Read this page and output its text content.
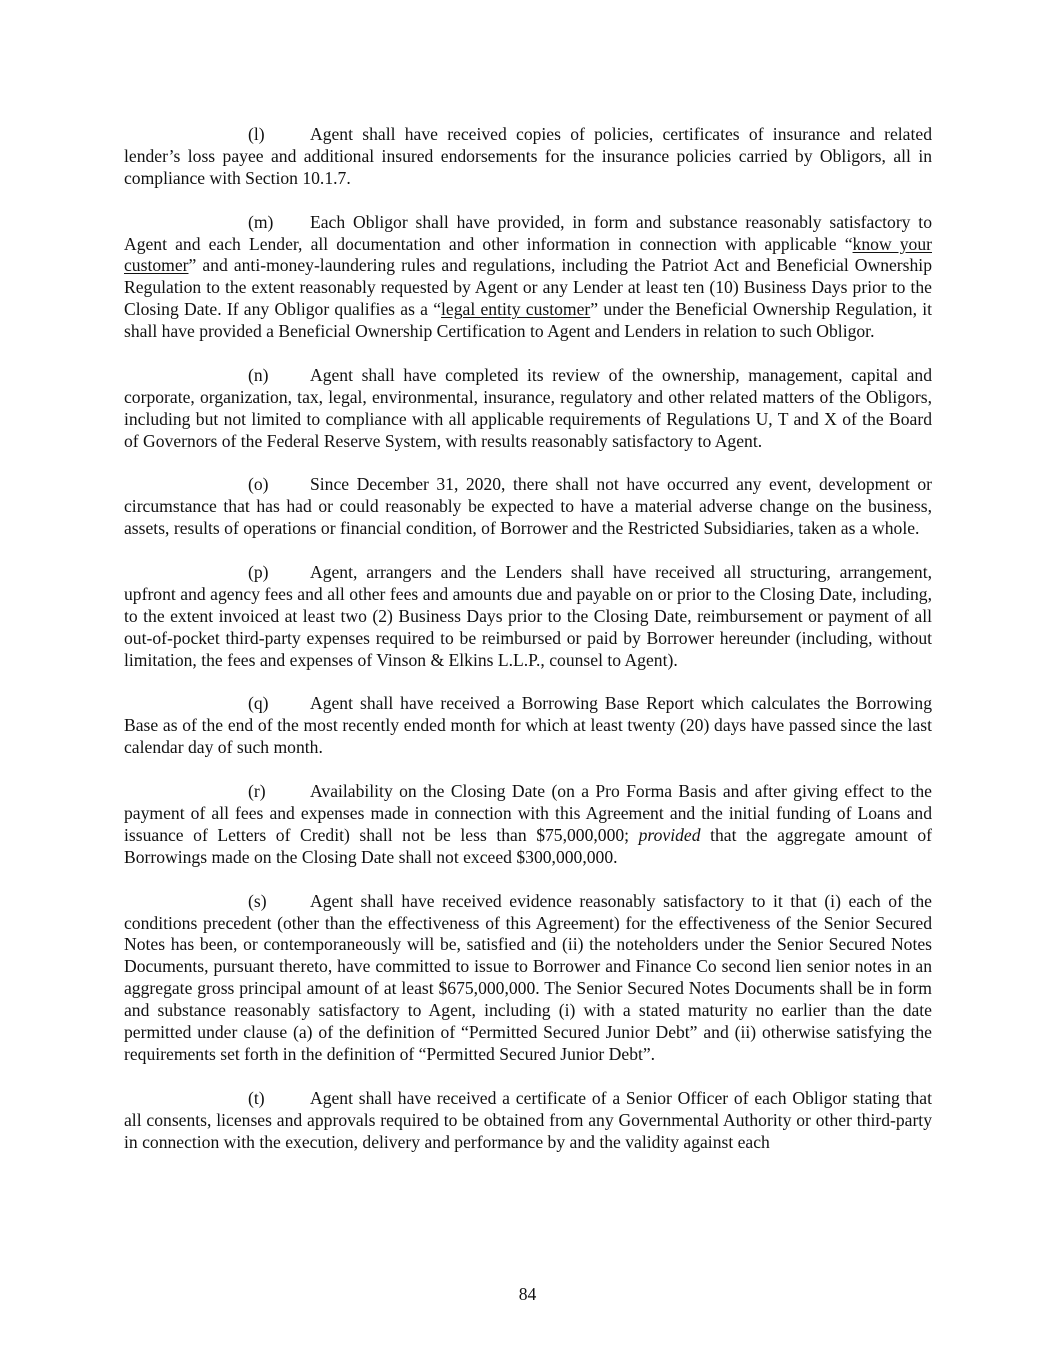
(l)	Agent shall have received copies of policies, certificates of insurance and related lender’s loss payee and additional insured endorsements for the insurance policies carried by Obligors, all in compliance with Section 10.1.7.

(m) Each Obligor shall have provided, in form and substance reasonably satisfactory to Agent and each Lender, all documentation and other information in connection with applicable “know your customer” and anti-money-laundering rules and regulations, including the Patriot Act and Beneficial Ownership Regulation to the extent reasonably requested by Agent or any Lender at least ten (10) Business Days prior to the Closing Date. If any Obligor qualifies as a “legal entity customer” under the Beneficial Ownership Regulation, it shall have provided a Beneficial Ownership Certification to Agent and Lenders in relation to such Obligor.

(n) Agent shall have completed its review of the ownership, management, capital and corporate, organization, tax, legal, environmental, insurance, regulatory and other related matters of the Obligors, including but not limited to compliance with all applicable requirements of Regulations U, T and X of the Board of Governors of the Federal Reserve System, with results reasonably satisfactory to Agent.

(o) Since December 31, 2020, there shall not have occurred any event, development or circumstance that has had or could reasonably be expected to have a material adverse change on the business, assets, results of operations or financial condition, of Borrower and the Restricted Subsidiaries, taken as a whole.

(p) Agent, arrangers and the Lenders shall have received all structuring, arrangement, upfront and agency fees and all other fees and amounts due and payable on or prior to the Closing Date, including, to the extent invoiced at least two (2) Business Days prior to the Closing Date, reimbursement or payment of all out-of-pocket third-party expenses required to be reimbursed or paid by Borrower hereunder (including, without limitation, the fees and expenses of Vinson & Elkins L.L.P., counsel to Agent).

(q) Agent shall have received a Borrowing Base Report which calculates the Borrowing Base as of the end of the most recently ended month for which at least twenty (20) days have passed since the last calendar day of such month.

(r)	Availability on the Closing Date (on a Pro Forma Basis and after giving effect to the payment of all fees and expenses made in connection with this Agreement and the initial funding of Loans and issuance of Letters of Credit) shall not be less than $75,000,000; provided that the aggregate amount of Borrowings made on the Closing Date shall not exceed $300,000,000.

(s) Agent shall have received evidence reasonably satisfactory to it that (i) each of the conditions precedent (other than the effectiveness of this Agreement) for the effectiveness of the Senior Secured Notes has been, or contemporaneously will be, satisfied and (ii) the noteholders under the Senior Secured Notes Documents, pursuant thereto, have committed to issue to Borrower and Finance Co second lien senior notes in an aggregate gross principal amount of at least $675,000,000. The Senior Secured Notes Documents shall be in form and substance reasonably satisfactory to Agent, including (i) with a stated maturity no earlier than the date permitted under clause (a) of the definition of “Permitted Secured Junior Debt” and (ii) otherwise satisfying the requirements set forth in the definition of “Permitted Secured Junior Debt”.

(t)	Agent shall have received a certificate of a Senior Officer of each Obligor stating that all consents, licenses and approvals required to be obtained from any Governmental Authority or other third-party in connection with the execution, delivery and performance by and the validity against each

84
